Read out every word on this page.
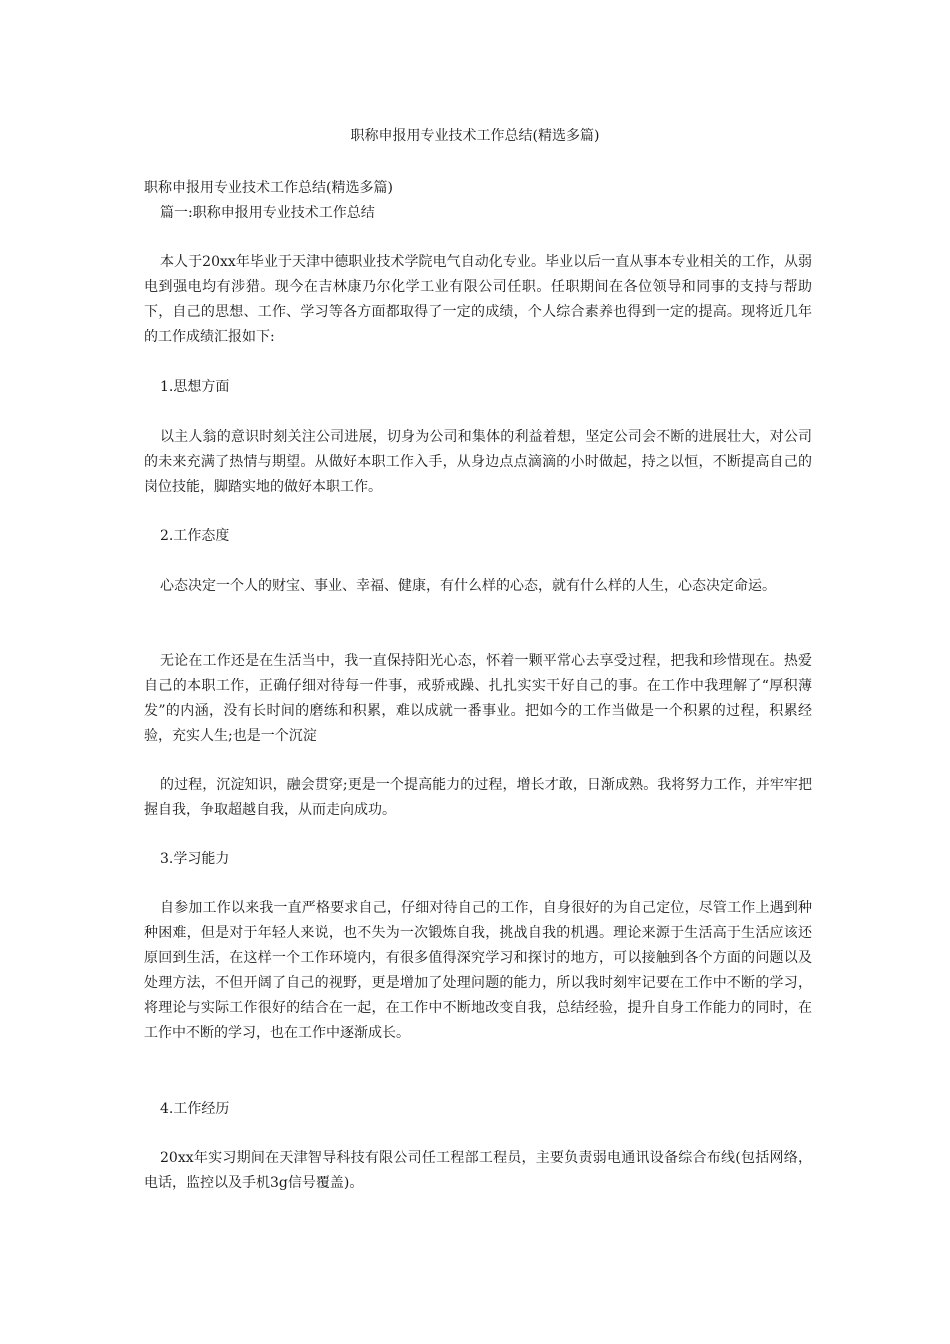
职称申报用专业技术工作总结(精选多篇)

职称申报用专业技术工作总结(精选多篇)

篇一:职称申报用专业技术工作总结

本人于20xx年毕业于天津中德职业技术学院电气自动化专业。毕业以后一直从事本专业相关的工作，从弱电到强电均有涉猎。现今在吉林康乃尔化学工业有限公司任职。任职期间在各位领导和同事的支持与帮助下，自己的思想、工作、学习等各方面都取得了一定的成绩，个人综合素养也得到一定的提高。现将近几年的工作成绩汇报如下:

1.思想方面

以主人翁的意识时刻关注公司进展，切身为公司和集体的利益着想，坚定公司会不断的进展壮大，对公司的未来充满了热情与期望。从做好本职工作入手，从身边点点滴滴的小时做起，持之以恒，不断提高自己的岗位技能，脚踏实地的做好本职工作。

2.工作态度

心态决定一个人的财宝、事业、幸福、健康，有什么样的心态，就有什么样的人生，心态决定命运。

无论在工作还是在生活当中，我一直保持阳光心态，怀着一颗平常心去享受过程，把我和珍惜现在。热爱自己的本职工作，正确仔细对待每一件事，戒骄戒躁、扎扎实实干好自己的事。在工作中我理解了“厚积薄发”的内涵，没有长时间的磨练和积累，难以成就一番事业。把如今的工作当做是一个积累的过程，积累经验，充实人生;也是一个沉淀

的过程，沉淀知识，融会贯穿;更是一个提高能力的过程，增长才敢，日渐成熟。我将努力工作，并牢牢把握自我，争取超越自我，从而走向成功。

3.学习能力

自参加工作以来我一直严格要求自己，仔细对待自己的工作，自身很好的为自己定位，尽管工作上遇到种种困难，但是对于年轻人来说，也不失为一次锻炼自我，挑战自我的机遇。理论来源于生活高于生活应该还原回到生活，在这样一个工作环境内，有很多值得深究学习和探讨的地方，可以接触到各个方面的问题以及处理方法，不但开阔了自己的视野，更是增加了处理问题的能力，所以我时刻牢记要在工作中不断的学习，将理论与实际工作很好的结合在一起，在工作中不断地改变自我，总结经验，提升自身工作能力的同时，在工作中不断的学习，也在工作中逐渐成长。

4.工作经历

20xx年实习期间在天津智导科技有限公司任工程部工程员，主要负责弱电通讯设备综合布线(包括网络，电话，监控以及手机3g信号覆盖)。
